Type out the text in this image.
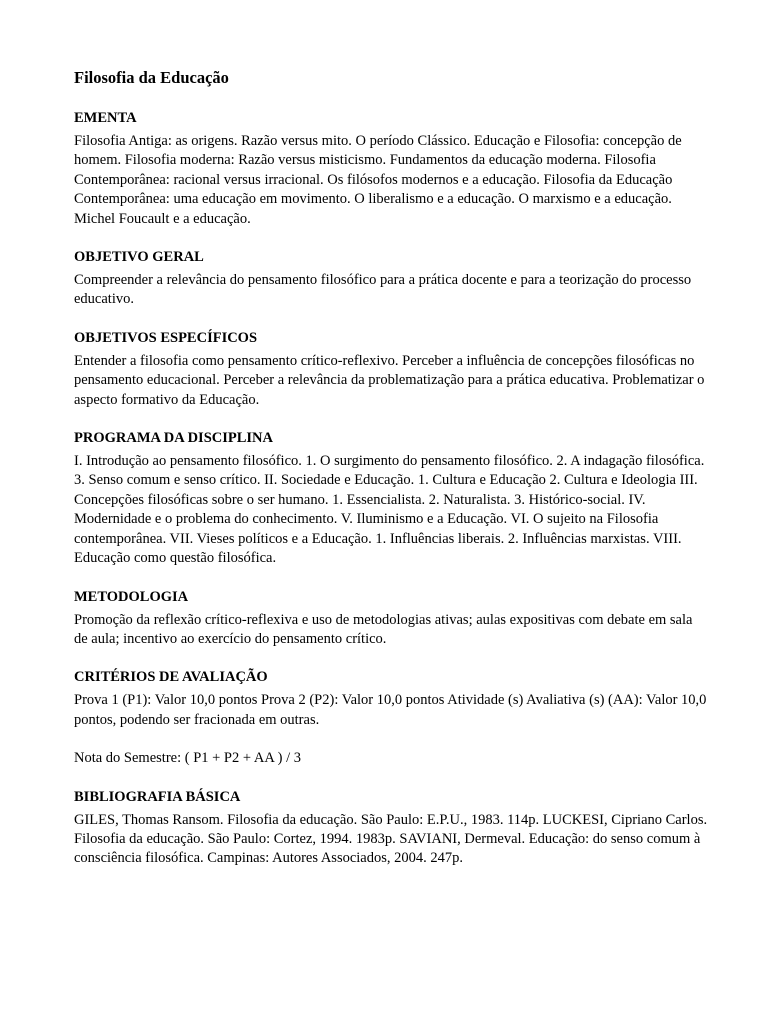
Filosofia da Educação
EMENTA

Filosofia Antiga: as origens. Razão versus mito. O período Clássico. Educação e Filosofia: concepção de homem. Filosofia moderna: Razão versus misticismo. Fundamentos da educação moderna. Filosofia Contemporânea: racional versus irracional. Os filósofos modernos e a educação. Filosofia da Educação Contemporânea: uma educação em movimento. O liberalismo e a educação. O marxismo e a educação. Michel Foucault e a educação.

OBJETIVO GERAL

Compreender a relevância do pensamento filosófico para a prática docente e para a teorização do processo educativo.

OBJETIVOS ESPECÍFICOS

Entender a filosofia como pensamento crítico-reflexivo. Perceber a influência de concepções filosóficas no pensamento educacional. Perceber a relevância da problematização para a prática educativa. Problematizar o aspecto formativo da Educação.

PROGRAMA DA DISCIPLINA

I. Introdução ao pensamento filosófico. 1. O surgimento do pensamento filosófico. 2. A indagação filosófica. 3. Senso comum e senso crítico. II. Sociedade e Educação. 1. Cultura e Educação 2. Cultura e Ideologia III. Concepções filosóficas sobre o ser humano. 1. Essencialista. 2. Naturalista. 3. Histórico-social. IV. Modernidade e o problema do conhecimento. V. Iluminismo e a Educação. VI. O sujeito na Filosofia contemporânea. VII. Vieses políticos e a Educação. 1. Influências liberais. 2. Influências marxistas. VIII. Educação como questão filosófica.

METODOLOGIA

Promoção da reflexão crítico-reflexiva e uso de metodologias ativas; aulas expositivas com debate em sala de aula; incentivo ao exercício do pensamento crítico.

CRITÉRIOS DE AVALIAÇÃO

Prova 1 (P1): Valor 10,0 pontos Prova 2 (P2): Valor 10,0 pontos Atividade (s) Avaliativa (s) (AA): Valor 10,0 pontos, podendo ser fracionada em outras.

Nota do Semestre: ( P1 + P2 + AA ) / 3

BIBLIOGRAFIA BÁSICA

GILES, Thomas Ransom. Filosofia da educação. São Paulo: E.P.U., 1983. 114p. LUCKESI, Cipriano Carlos. Filosofia da educação. São Paulo: Cortez, 1994. 1983p. SAVIANI, Dermeval. Educação: do senso comum à consciência filosófica. Campinas: Autores Associados, 2004. 247p.
